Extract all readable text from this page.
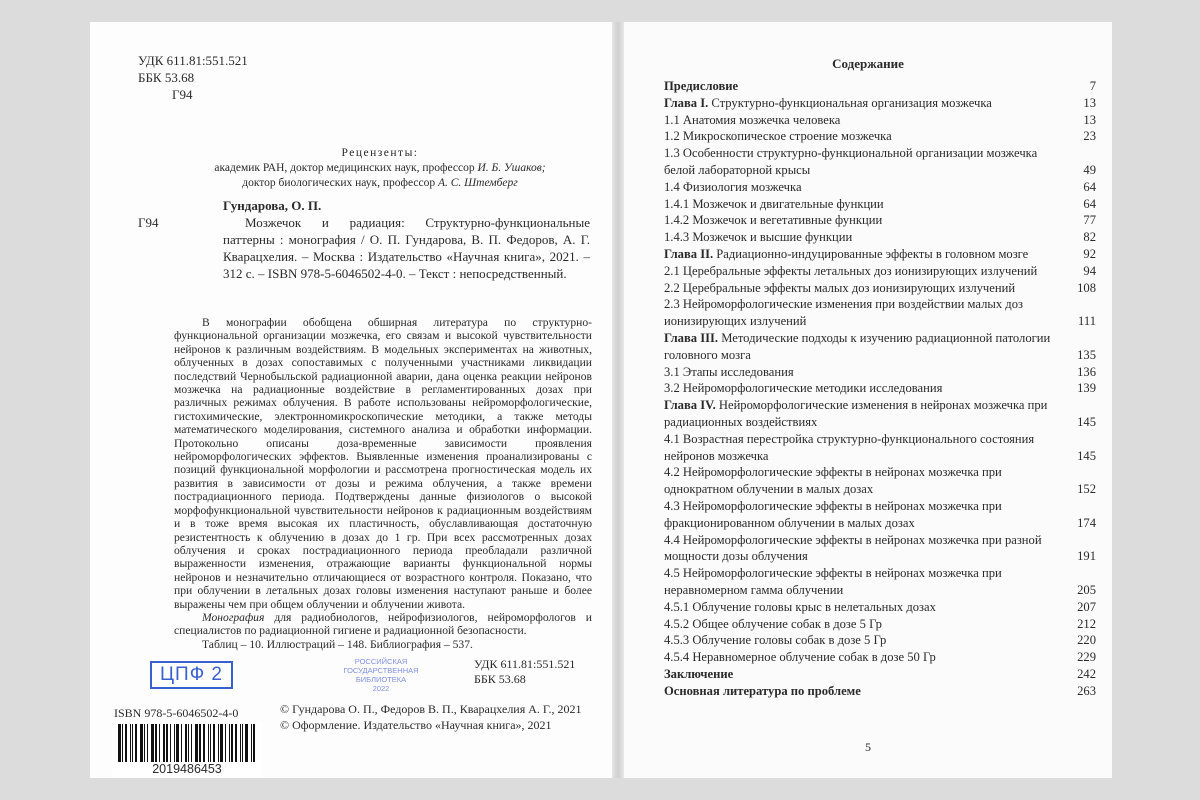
УДК 611.81:551.521
ББК 53.68
Г94
Рецензенты:
академик РАН, доктор медицинских наук, профессор И. Б. Ушаков;
доктор биологических наук, профессор А. С. Штемберг
Гундарова, О. П.
Г94	Мозжечок и радиация: Структурно-функциональные паттерны : монография / О. П. Гундарова, В. П. Федоров, А. Г. Кварацхелия. – Москва : Издательство «Научная книга», 2021. – 312 с. – ISBN 978-5-6046502-4-0. – Текст : непосредственный.

В монографии обобщена обширная литература по структурно-функциональной организации мозжечка, его связам и высокой чувствительности нейронов к различным воздействиям. В модельных экспериментах на животных, облученных в дозах сопоставимых с полученными участниками ликвидации последствий Чернобыльской радиационной аварии, дана оценка реакции нейронов мозжечка на радиационные воздействие в регламентированных дозах при различных режимах облучения. В работе использованы нейроморфологические, гистохимические, электронномикроскопические методики, а также методы математического моделирования, системного анализа и обработки информации. Протокольно описаны доза-временные зависимости проявления нейроморфологических эффектов. Выявленные изменения проанализированы с позиций функциональной морфологии и рассмотрена прогностическая модель их развития в зависимости от дозы и режима облучения, а также времени пострадиационного периода. Подтверждены данные физиологов о высокой морфофункциональной чувствительности нейронов к радиационным воздействиям и в тоже время высокая их пластичность, обуславливающая достаточную резистентность к облучению в дозах до 1 гр. При всех рассмотренных дозах облучения и сроках пострадиационного периода преобладали различной выраженности изменения, отражающие варианты функциональной нормы нейронов и незначительно отличающиеся от возрастного контроля. Показано, что при облучении в летальных дозах головы изменения наступают раньше и более выражены чем при общем облучении и облучении живота.

Монография для радиобиологов, нейрофизиологов, нейроморфологов и специалистов по радиационной гигиене и радиационной безопасности.

Таблиц – 10. Иллюстраций – 148. Библиография – 537.

ЦПФ 2
РОССИЙСКАЯ
ГОСУДАРСТВЕННАЯ
БИБЛИОТЕКА
2022
УДК 611.81:551.521
ББК 53.68
© Гундарова О. П., Федоров В. П., Кварацхелия А. Г., 2021
© Оформление. Издательство «Научная книга», 2021
ISBN 978-5-6046502-4-0
2019486453
Содержание
Предисловие	7
Глава I. Структурно-функциональная организация мозжечка	13
1.1 Анатомия мозжечка человека	13
1.2 Микроскопическое строение мозжечка	23
1.3 Особенности структурно-функциональной организации мозжечка белой лабораторной крысы	49
1.4 Физиология мозжечка	64
1.4.1 Мозжечок и двигательные функции	64
1.4.2 Мозжечок и вегетативные функции	77
1.4.3 Мозжечок и высшие функции	82
Глава II. Радиационно-индуцированные эффекты в головном мозге	92
2.1 Церебральные эффекты летальных доз ионизирующих излучений	94
2.2 Церебральные эффекты малых доз ионизирующих излучений	108
2.3 Нейроморфологические изменения при воздействии малых доз ионизирующих излучений	111
Глава III. Методические подходы к изучению радиационной патологии головного мозга	135
3.1 Этапы исследования	136
3.2 Нейроморфологические методики исследования	139
Глава IV. Нейроморфологические изменения в нейронах мозжечка при радиационных воздействиях	145
4.1 Возрастная перестройка структурно-функционального состояния нейронов мозжечка	145
4.2 Нейроморфологические эффекты в нейронах мозжечка при однократном облучении в малых дозах	152
4.3 Нейроморфологические эффекты в нейронах мозжечка при фракционированном облучении в малых дозах	174
4.4 Нейроморфологические эффекты в нейронах мозжечка при разной мощности дозы облучения	191
4.5 Нейроморфологические эффекты в нейронах мозжечка при неравномерном гамма облучении	205
4.5.1 Облучение головы крыс в нелетальных дозах	207
4.5.2 Общее облучение собак в дозе 5 Гр	212
4.5.3 Облучение головы собак в дозе 5 Гр	220
4.5.4 Неравномерное облучение собак в дозе 50 Гр	229
Заключение	242
Основная литература по проблеме	263
5
